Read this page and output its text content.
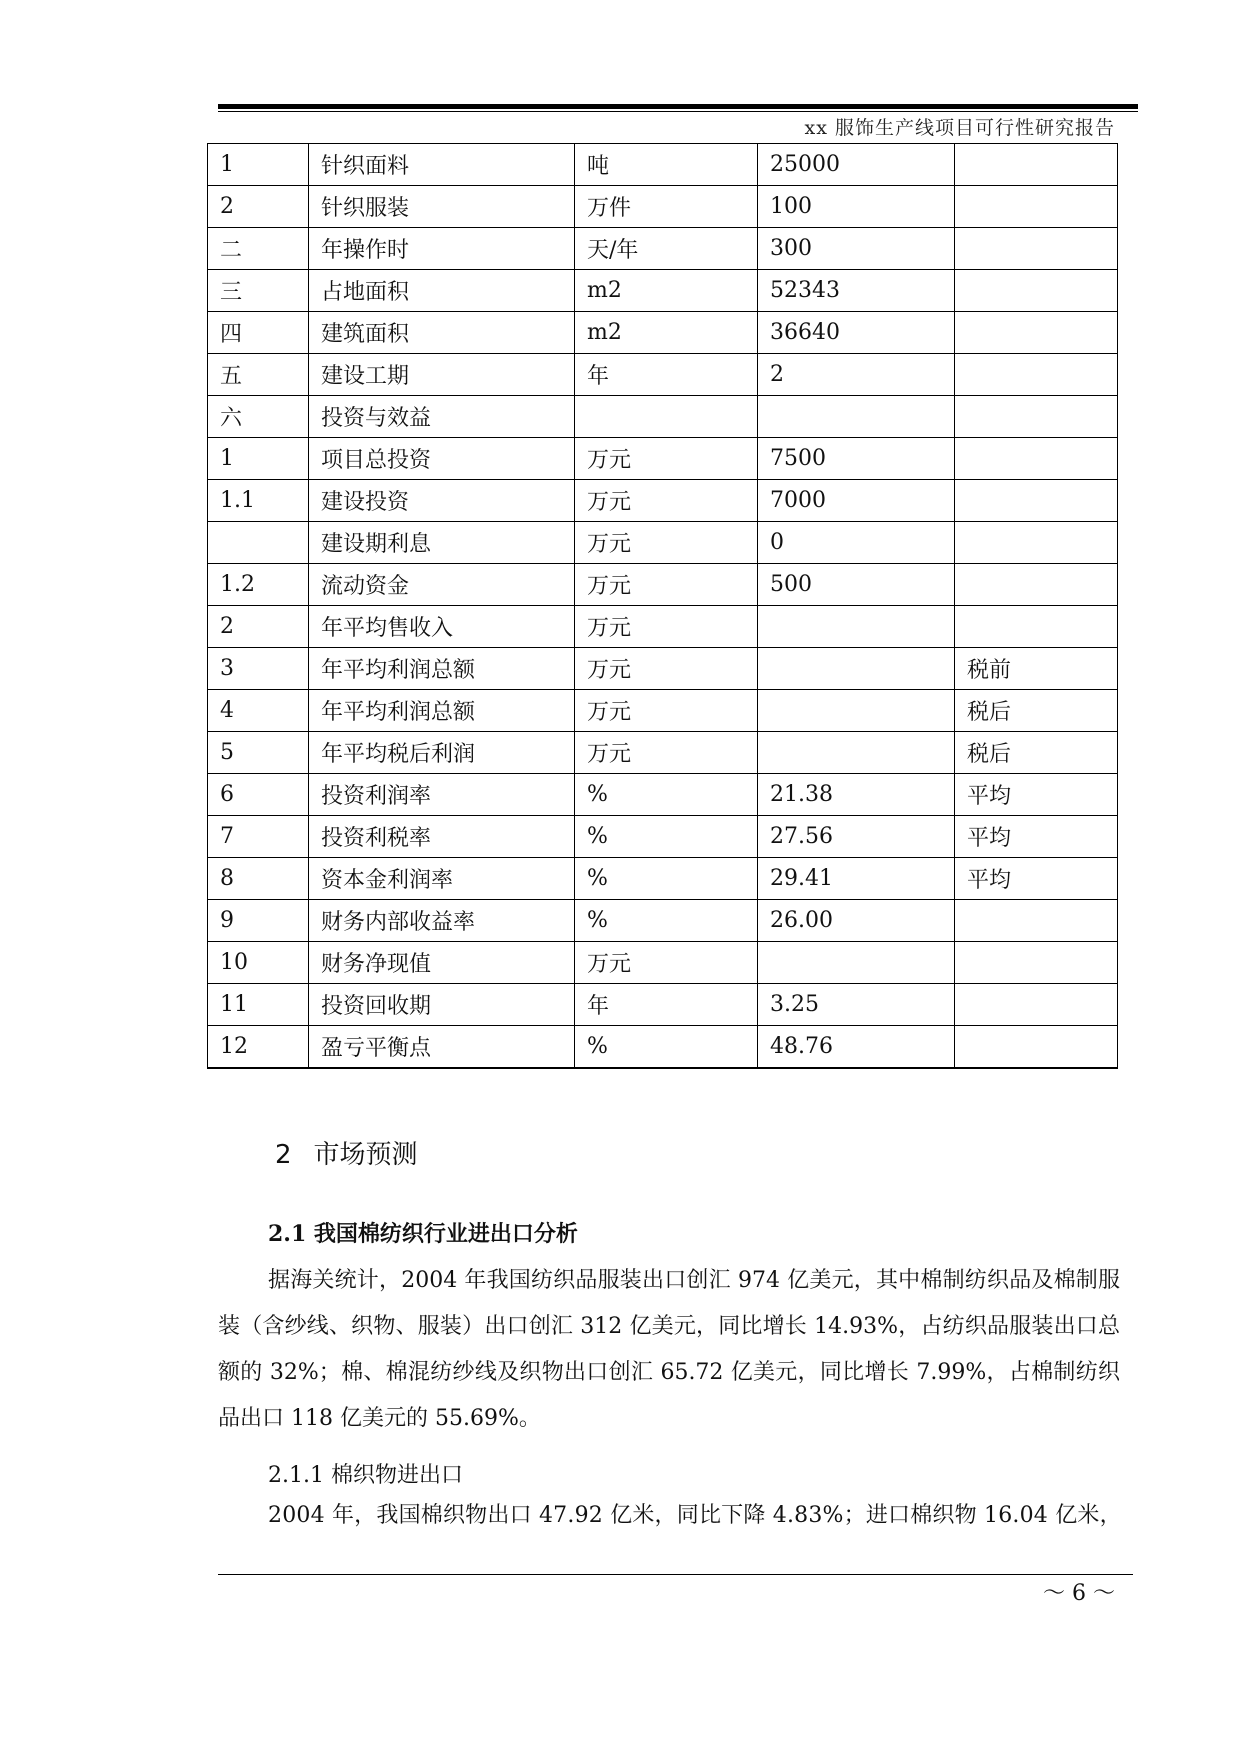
xx 服饰生产线项目可行性研究报告
1	针织面料	吨	25000	
2	针织服装	万件	100	
二	年操作时	天/年	300	
三	占地面积	m2	52343	
四	建筑面积	m2	36640	
五	建设工期	年	2	
六	投资与效益			
1	项目总投资	万元	7500	
1.1	建设投资	万元	7000	
	建设期利息	万元	0	
1.2	流动资金	万元	500	
2	年平均售收入	万元		
3	年平均利润总额	万元		税前
4	年平均利润总额	万元		税后
5	年平均税后利润	万元		税后
6	投资利润率	%	21.38	平均
7	投资利税率	%	27.56	平均
8	资本金利润率	%	29.41	平均
9	财务内部收益率	%	26.00	
10	财务净现值	万元		
11	投资回收期	年	3.25	
12	盈亏平衡点	%	48.76	
2 市场预测
2.1 我国棉纺织行业进出口分析

据海关统计，2004 年我国纺织品服装出口创汇 974 亿美元，其中棉制纺织品及棉制服装（含纱线、织物、服装）出口创汇 312 亿美元，同比增长 14.93%，占纺织品服装出口总额的 32%；棉、棉混纺纱线及织物出口创汇 65.72 亿美元，同比增长 7.99%，占棉制纺织品出口 118 亿美元的 55.69%。

2.1.1 棉织物进出口
2004 年，我国棉织物出口 47.92 亿米，同比下降 4.83%；进口棉织物 16.04 亿米，
～ 6 ～
